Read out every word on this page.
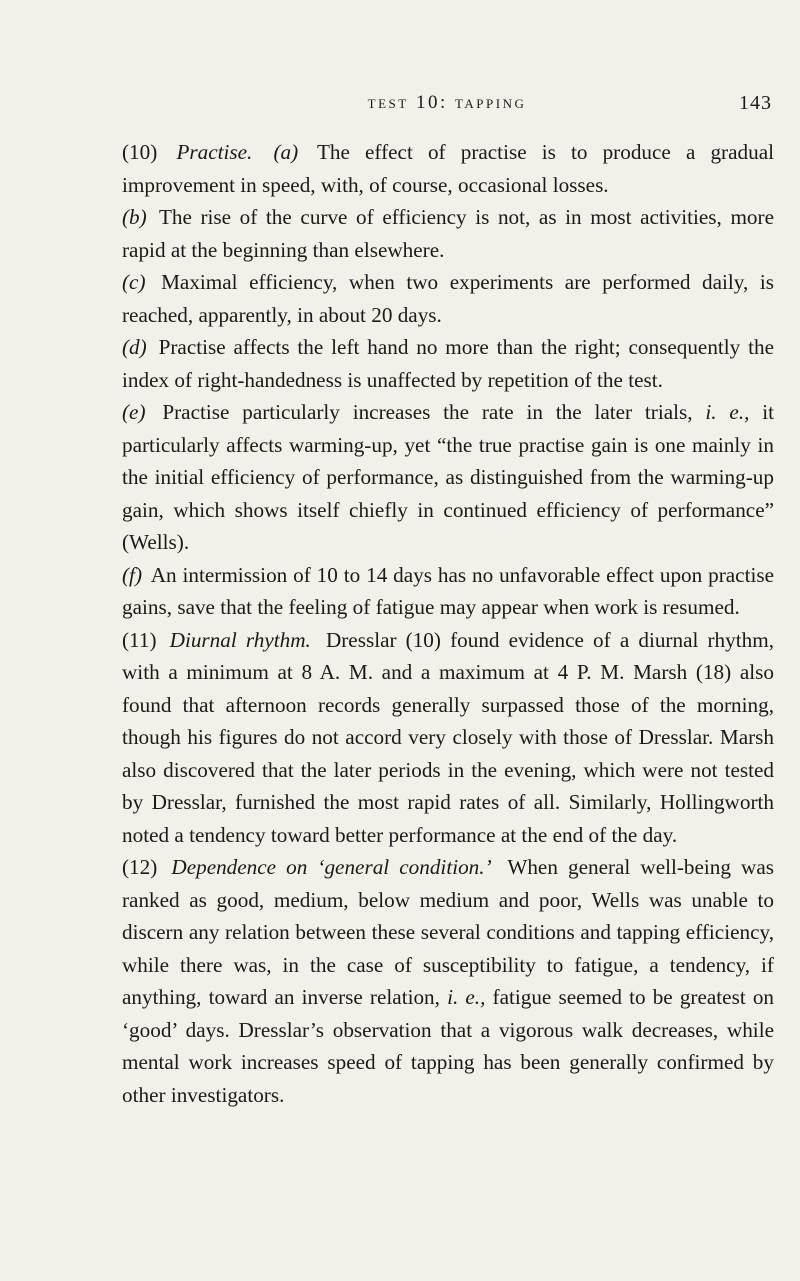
test 10: tapping	143

(10) Practise. (a) The effect of practise is to produce a gradual improvement in speed, with, of course, occasional losses.

(b) The rise of the curve of efficiency is not, as in most activities, more rapid at the beginning than elsewhere.

(c) Maximal efficiency, when two experiments are performed daily, is reached, apparently, in about 20 days.

(d) Practise affects the left hand no more than the right; consequently the index of right-handedness is unaffected by repetition of the test.

(e) Practise particularly increases the rate in the later trials, i. e., it particularly affects warming-up, yet “the true practise gain is one mainly in the initial efficiency of performance, as distinguished from the warming-up gain, which shows itself chiefly in continued efficiency of performance” (Wells).

(f) An intermission of 10 to 14 days has no unfavorable effect upon practise gains, save that the feeling of fatigue may appear when work is resumed.

(11) Diurnal rhythm. Dresslar (10) found evidence of a diurnal rhythm, with a minimum at 8 A. M. and a maximum at 4 P. M. Marsh (18) also found that afternoon records generally surpassed those of the morning, though his figures do not accord very closely with those of Dresslar. Marsh also discovered that the later periods in the evening, which were not tested by Dresslar, furnished the most rapid rates of all. Similarly, Hollingworth noted a tendency toward better performance at the end of the day.

(12) Dependence on ‘general condition.’ When general well-being was ranked as good, medium, below medium and poor, Wells was unable to discern any relation between these several conditions and tapping efficiency, while there was, in the case of susceptibility to fatigue, a tendency, if anything, toward an inverse relation, i. e., fatigue seemed to be greatest on ‘good’ days. Dresslar’s observation that a vigorous walk decreases, while mental work increases speed of tapping has been generally confirmed by other investigators.
